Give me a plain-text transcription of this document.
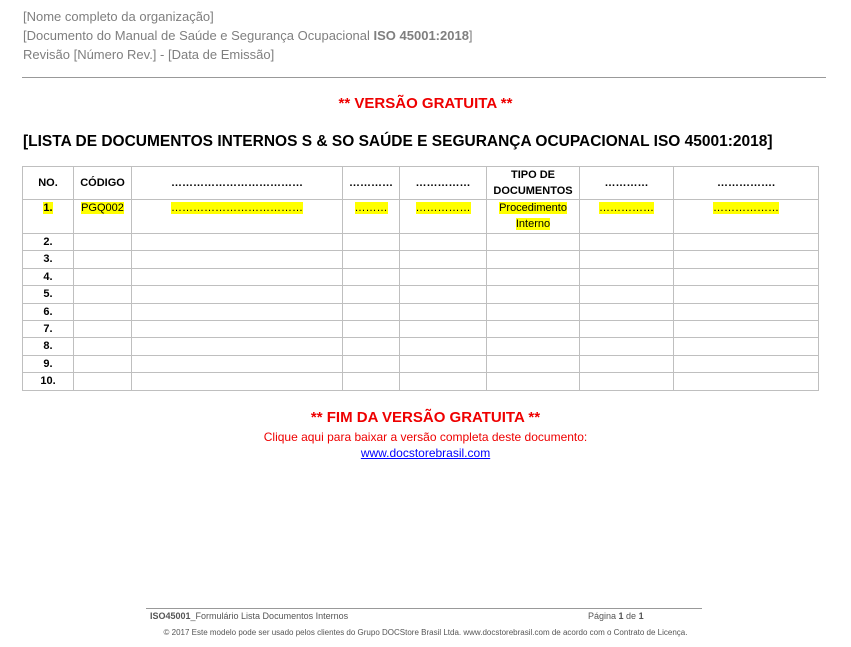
[Nome completo da organização]
[Documento do Manual de Saúde e Segurança Ocupacional ISO 45001:2018]
Revisão [Número Rev.] - [Data de Emissão]
** VERSÃO GRATUITA **
[LISTA DE DOCUMENTOS INTERNOS S & SO SAÚDE E SEGURANÇA OCUPACIONAL ISO 45001:2018]
NO.	CÓDIGO	………………………………	…………	……………	TIPO DE DOCUMENTOS	…………	…………….
1.	PGQ002	………………………………	………	……………	Procedimento Interno	……………	………………
2.							
3.							
4.							
5.							
6.							
7.							
8.							
9.							
10.							
** FIM DA VERSÃO GRATUITA **
Clique aqui para baixar a versão completa deste documento:
www.docstorebrasil.com
ISO45001_Formulário Lista Documentos Internos	Página 1 de 1
© 2017 Este modelo pode ser usado pelos clientes do Grupo DOCStore Brasil Ltda. www.docstorebrasil.com de acordo com o Contrato de Licença.
